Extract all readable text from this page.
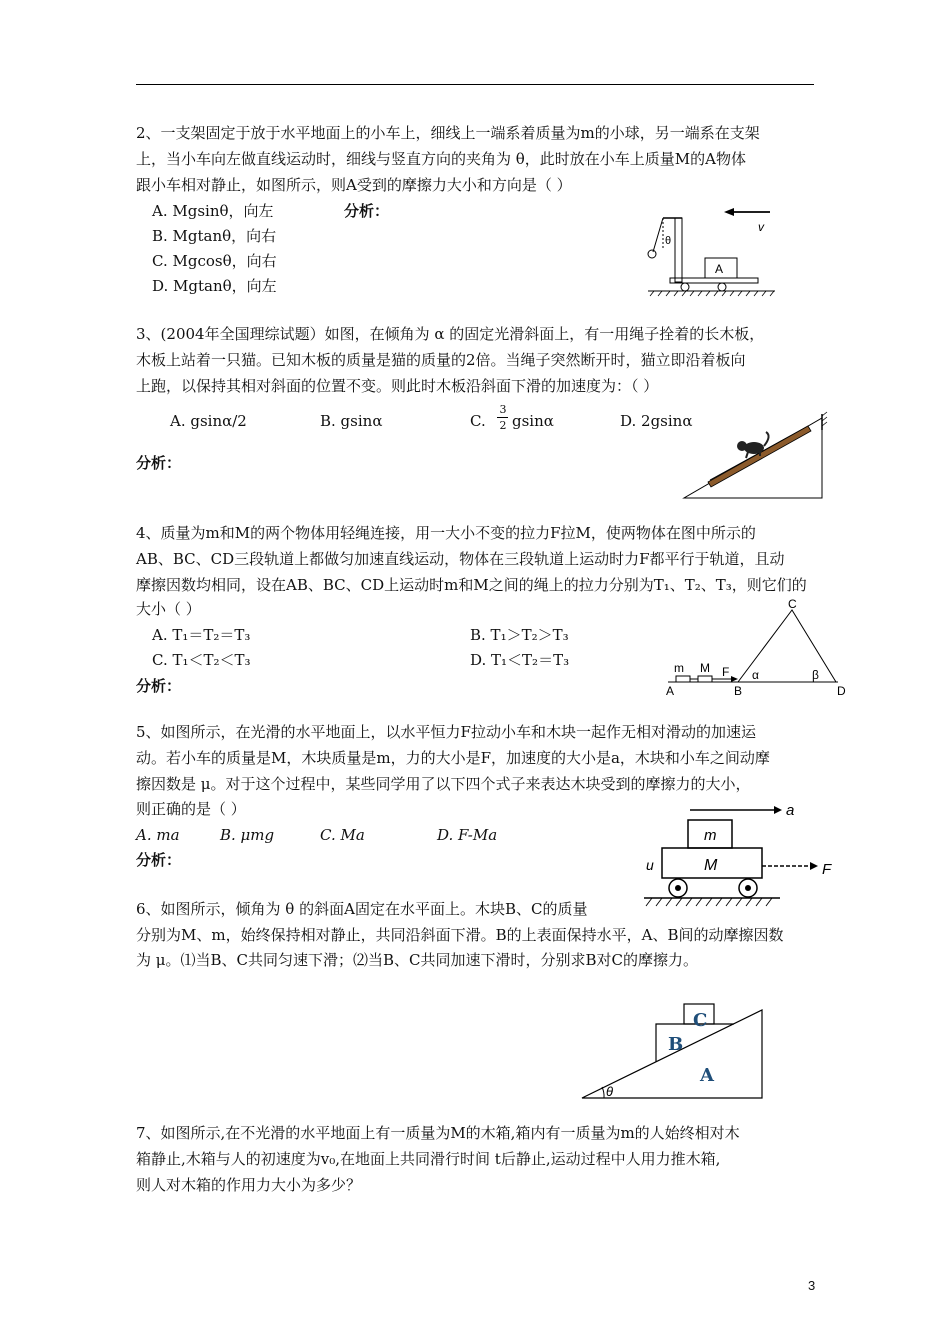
2、一支架固定于放于水平地面上的小车上，细线上一端系着质量为m的小球，另一端系在支架
上，当小车向左做直线运动时，细线与竖直方向的夹角为 θ，此时放在小车上质量M的A物体
跟小车相对静止，如图所示，则A受到的摩擦力大小和方向是（ ）
A. Mgsinθ，向左	分析：
B. Mgtanθ，向右
C. Mgcosθ，向右
D. Mgtanθ，向左
v
θ
A
3、(2004年全国理综试题）如图，在倾角为 α 的固定光滑斜面上，有一用绳子拴着的长木板，
木板上站着一只猫。已知木板的质量是猫的质量的2倍。当绳子突然断开时，猫立即沿着板向
上跑，以保持其相对斜面的位置不变。则此时木板沿斜面下滑的加速度为：（ ）
A. gsinα/2	B. gsinα	C.
3
2 gsinα	D. 2gsinα
分析：
4、质量为m和M的两个物体用轻绳连接，用一大小不变的拉力F拉M，使两物体在图中所示的
AB、BC、CD三段轨道上都做匀加速直线运动，物体在三段轨道上运动时力F都平行于轨道，且动
摩擦因数均相同，设在AB、BC、CD上运动时m和M之间的绳上的拉力分别为T₁、T₂、T₃，则它们的
大小（ ）
A. T₁＝T₂＝T₃	B. T₁＞T₂＞T₃
C. T₁＜T₂＜T₃	D. T₁＜T₂＝T₃
分析：
m M F
A	B
C
D
α	β
5、如图所示，在光滑的水平地面上，以水平恒力F拉动小车和木块一起作无相对滑动的加速运
动。若小车的质量是M，木块质量是m，力的大小是F，加速度的大小是a，木块和小车之间动摩
擦因数是 μ。对于这个过程中，某些同学用了以下四个式子来表达木块受到的摩擦力的大小，
则正确的是（ ）
A. ma	B. μmg	C. Ma	D. F-Ma
分析：
a
m
M
u	F
6、如图所示，倾角为 θ 的斜面A固定在水平面上。木块B、C的质量
分别为M、m，始终保持相对静止，共同沿斜面下滑。B的上表面保持水平，A、B间的动摩擦因数
为 μ。⑴当B、C共同匀速下滑；⑵当B、C共同加速下滑时，分别求B对C的摩擦力。
C
B
A
θ
7、如图所示,在不光滑的水平地面上有一质量为M的木箱,箱内有一质量为m的人始终相对木
箱静止,木箱与人的初速度为v₀,在地面上共同滑行时间 t后静止,运动过程中人用力推木箱,
则人对木箱的作用力大小为多少？
3
